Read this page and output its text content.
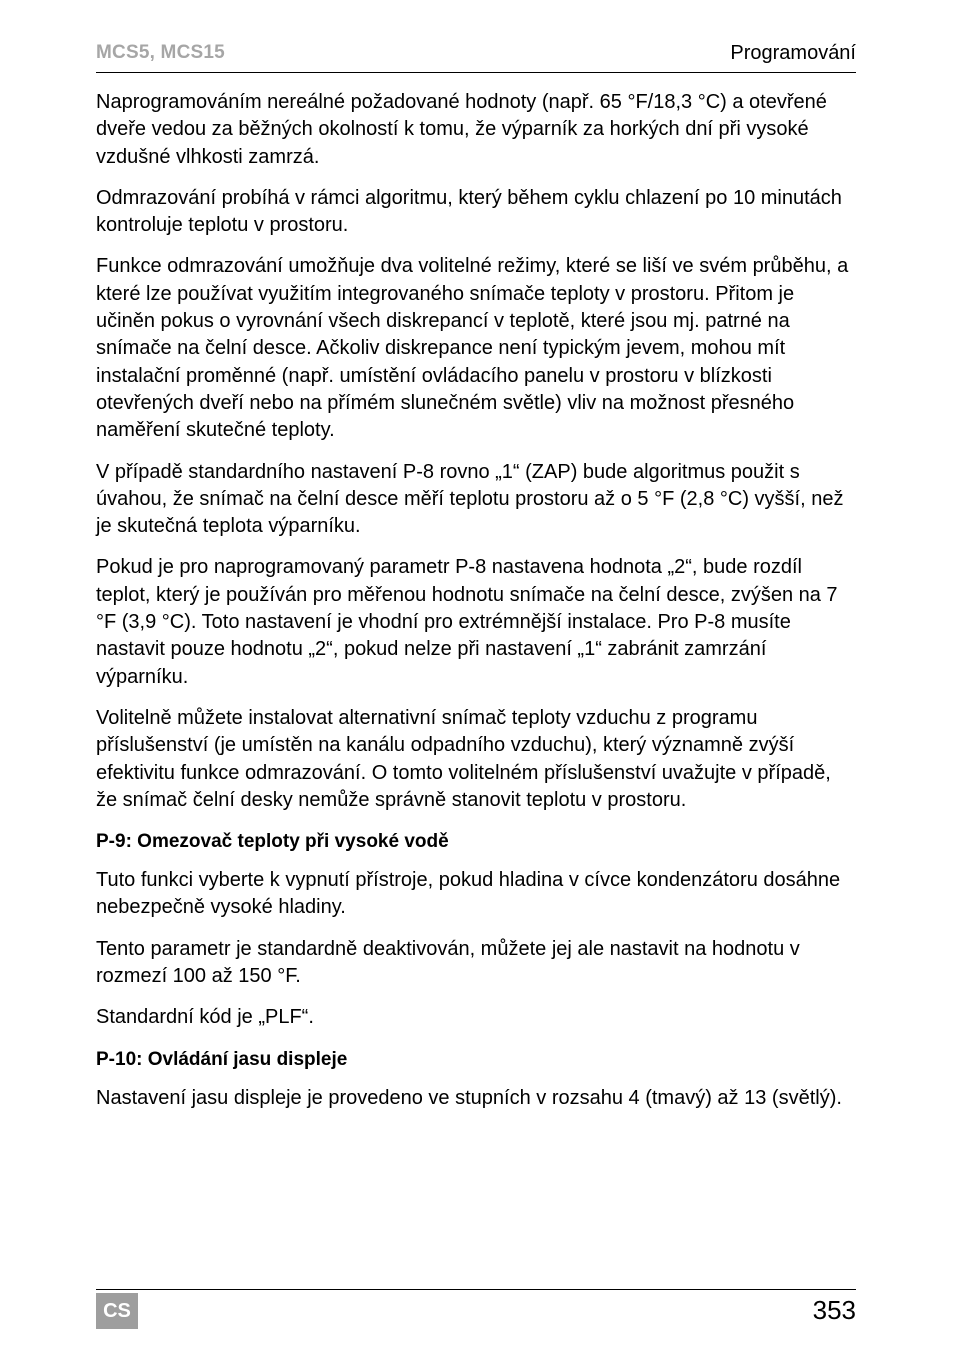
MCS5, MCS15	Programování

Naprogramováním nereálné požadované hodnoty (např. 65 °F/18,3 °C) a otevřené dveře vedou za běžných okolností k tomu, že výparník za horkých dní při vysoké vzdušné vlhkosti zamrzá.

Odmrazování probíhá v rámci algoritmu, který během cyklu chlazení po 10 minutách kontroluje teplotu v prostoru.

Funkce odmrazování umožňuje dva volitelné režimy, které se liší ve svém průběhu, a které lze používat využitím integrovaného snímače teploty v prostoru. Přitom je učiněn pokus o vyrovnání všech diskrepancí v teplotě, které jsou mj. patrné na snímače na čelní desce. Ačkoliv diskrepance není typickým jevem, mohou mít instalační proměnné (např. umístění ovládacího panelu v prostoru v blízkosti otevřených dveří nebo na přímém slunečném světle) vliv na možnost přesného naměření skutečné teploty.

V případě standardního nastavení P-8 rovno „1“ (ZAP) bude algoritmus použit s úvahou, že snímač na čelní desce měří teplotu prostoru až o 5 °F (2,8 °C) vyšší, než je skutečná teplota výparníku.

Pokud je pro naprogramovaný parametr P-8 nastavena hodnota „2“, bude rozdíl teplot, který je používán pro měřenou hodnotu snímače na čelní desce, zvýšen na 7 °F (3,9 °C). Toto nastavení je vhodní pro extrémnější instalace. Pro P-8 musíte nastavit pouze hodnotu „2“, pokud nelze při nastavení „1“ zabránit zamrzání výparníku.

Volitelně můžete instalovat alternativní snímač teploty vzduchu z programu příslušenství (je umístěn na kanálu odpadního vzduchu), který významně zvýší efektivitu funkce odmrazování. O tomto volitelném příslušenství uvažujte v případě, že snímač čelní desky nemůže správně stanovit teplotu v prostoru.

P-9: Omezovač teploty při vysoké vodě

Tuto funkci vyberte k vypnutí přístroje, pokud hladina v cívce kondenzátoru dosáhne nebezpečně vysoké hladiny.

Tento parametr je standardně deaktivován, můžete jej ale nastavit na hodnotu v rozmezí 100 až 150 °F.

Standardní kód je „PLF“.

P-10: Ovládání jasu displeje

Nastavení jasu displeje je provedeno ve stupních v rozsahu 4 (tmavý) až 13 (světlý).

CS	353
